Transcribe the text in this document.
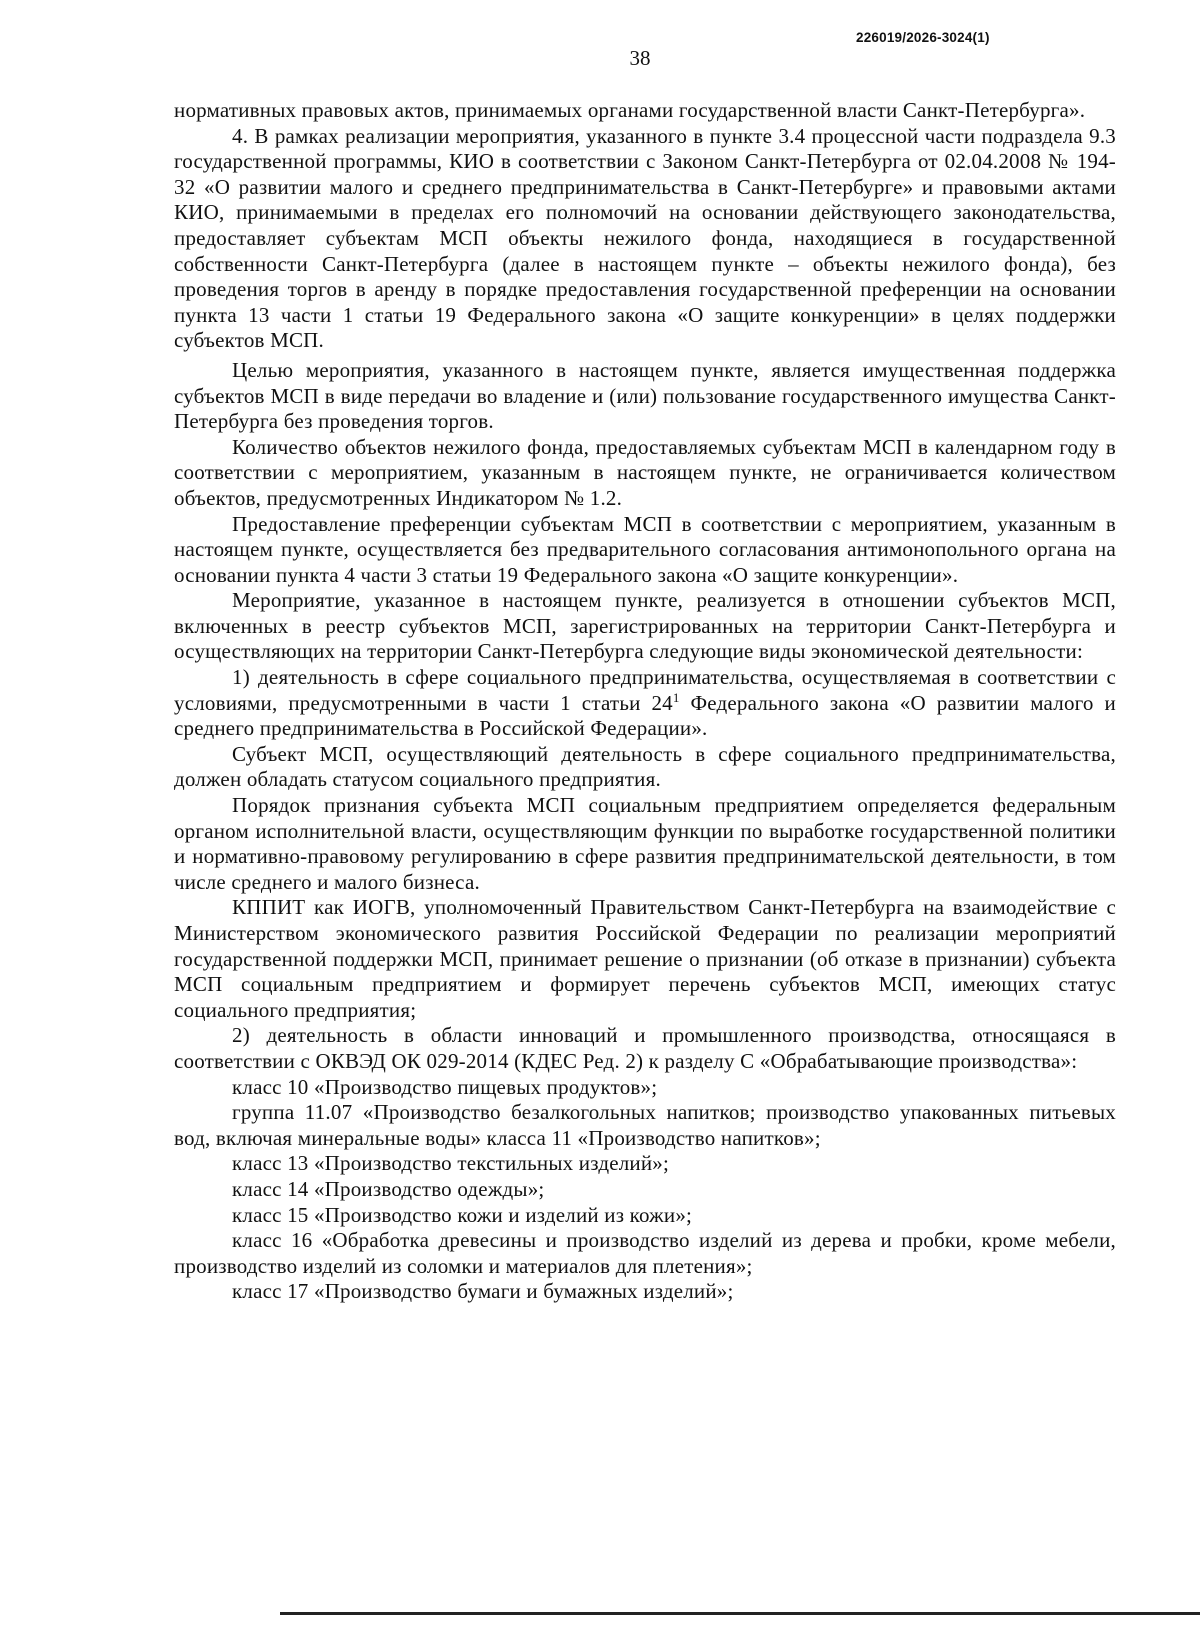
226019/2026-3024(1)
38

нормативных правовых актов, принимаемых органами государственной власти Санкт-Петербурга».

4. В рамках реализации мероприятия, указанного в пункте 3.4 процессной части подраздела 9.3 государственной программы, КИО в соответствии с Законом Санкт-Петербурга от 02.04.2008 № 194-32 «О развитии малого и среднего предпринимательства в Санкт-Петербурге» и правовыми актами КИО, принимаемыми в пределах его полномочий на основании действующего законодательства, предоставляет субъектам МСП объекты нежилого фонда, находящиеся в государственной собственности Санкт-Петербурга (далее в настоящем пункте – объекты нежилого фонда), без проведения торгов в аренду в порядке предоставления государственной преференции на основании пункта 13 части 1 статьи 19 Федерального закона «О защите конкуренции» в целях поддержки субъектов МСП.

Целью мероприятия, указанного в настоящем пункте, является имущественная поддержка субъектов МСП в виде передачи во владение и (или) пользование государственного имущества Санкт-Петербурга без проведения торгов.

Количество объектов нежилого фонда, предоставляемых субъектам МСП в календарном году в соответствии с мероприятием, указанным в настоящем пункте, не ограничивается количеством объектов, предусмотренных Индикатором № 1.2.

Предоставление преференции субъектам МСП в соответствии с мероприятием, указанным в настоящем пункте, осуществляется без предварительного согласования антимонопольного органа на основании пункта 4 части 3 статьи 19 Федерального закона «О защите конкуренции».

Мероприятие, указанное в настоящем пункте, реализуется в отношении субъектов МСП, включенных в реестр субъектов МСП, зарегистрированных на территории Санкт-Петербурга и осуществляющих на территории Санкт-Петербурга следующие виды экономической деятельности:

1) деятельность в сфере социального предпринимательства, осуществляемая в соответствии с условиями, предусмотренными в части 1 статьи $24^1$ Федерального закона «О развитии малого и среднего предпринимательства в Российской Федерации».

Субъект МСП, осуществляющий деятельность в сфере социального предпринимательства, должен обладать статусом социального предприятия.

Порядок признания субъекта МСП социальным предприятием определяется федеральным органом исполнительной власти, осуществляющим функции по выработке государственной политики и нормативно-правовому регулированию в сфере развития предпринимательской деятельности, в том числе среднего и малого бизнеса.

КППИТ как ИОГВ, уполномоченный Правительством Санкт-Петербурга на взаимодействие с Министерством экономического развития Российской Федерации по реализации мероприятий государственной поддержки МСП, принимает решение о признании (об отказе в признании) субъекта МСП социальным предприятием и формирует перечень субъектов МСП, имеющих статус социального предприятия;

2) деятельность в области инноваций и промышленного производства, относящаяся в соответствии с ОКВЭД ОК 029-2014 (КДЕС Ред. 2) к разделу С «Обрабатывающие производства»:

класс 10 «Производство пищевых продуктов»;

группа 11.07 «Производство безалкогольных напитков; производство упакованных питьевых вод, включая минеральные воды» класса 11 «Производство напитков»;

класс 13 «Производство текстильных изделий»;

класс 14 «Производство одежды»;

класс 15 «Производство кожи и изделий из кожи»;

класс 16 «Обработка древесины и производство изделий из дерева и пробки, кроме мебели, производство изделий из соломки и материалов для плетения»;

класс 17 «Производство бумаги и бумажных изделий»;
